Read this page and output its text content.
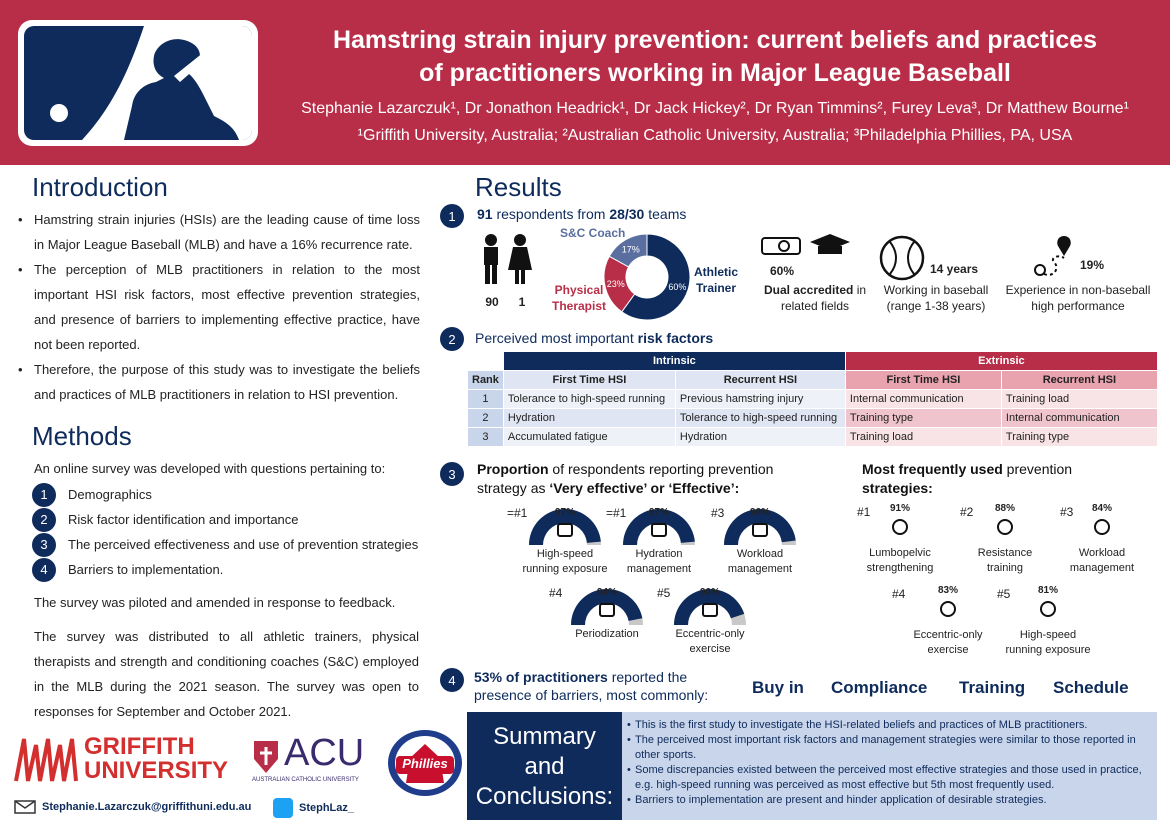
Hamstring strain injury prevention: current beliefs and practices
of practitioners working in Major League Baseball
Stephanie Lazarczuk¹, Dr Jonathon Headrick¹, Dr Jack Hickey², Dr Ryan Timmins², Furey Leva³, Dr Matthew Bourne¹
¹Griffith University, Australia; ²Australian Catholic University, Australia; ³Philadelphia Phillies, PA, USA
Introduction
• Hamstring strain injuries (HSIs) are the leading cause of time loss in Major League Baseball (MLB) and have a 16% recurrence rate.
• The perception of MLB practitioners in relation to the most important HSI risk factors, most effective prevention strategies, and presence of barriers to implementing effective practice, have not been reported.
• Therefore, the purpose of this study was to investigate the beliefs and practices of MLB practitioners in relation to HSI prevention.
Methods
An online survey was developed with questions pertaining to:
1	Demographics
2	Risk factor identification and importance
3	The perceived effectiveness and use of prevention strategies
4	Barriers to implementation.
The survey was piloted and amended in response to feedback.
The survey was distributed to all athletic trainers, physical therapists and strength and conditioning coaches (S&C) employed in the MLB during the 2021 season. The survey was open to responses for September and October 2021.
GRIFFITH
UNIVERSITY ACU
AUSTRALIAN CATHOLIC UNIVERSITY
Phillies
Stephanie.Lazarczuk@griffithuni.edu.au	StephLaz_
Results
1	91 respondents from 28/30 teams
90	1
S&C Coach
Physical
Therapist
Athletic
Trainer
60%
23%
17%
60%
Dual accredited in
related fields
14 years
Working in baseball
(range 1-38 years)
19%
Experience in non-baseball
high performance
2	Perceived most important risk factors
	Intrinsic		Extrinsic	
Rank	First Time HSI	Recurrent HSI	First Time HSI	Recurrent HSI
1	Tolerance to high-speed running	Previous hamstring injury	Internal communication	Training load
2	Hydration	Tolerance to high-speed running	Training type	Internal communication
3	Accumulated fatigue	Hydration	Training load	Training type
3	Proportion of respondents reporting prevention
strategy as ‘Very effective’ or ‘Effective’:
97%
=#1
High-speed
running exposure
97%
=#1
Hydration
management
96%
#3
Workload
management
94%
#4
Periodization
90%
#5
Eccentric-only
exercise
Most frequently used prevention
strategies:
#1	91%
Lumbopelvic
strengthening
#2	88%
Resistance
training
#3	84%
Workload
management
#4	83%
Eccentric-only
exercise
#5	81%
High-speed
running exposure
4	53% of practitioners reported the
presence of barriers, most commonly:	Buy in Compliance Training Schedule
Summary
and
Conclusions:
• This is the first study to investigate the HSI-related beliefs and practices of MLB practitioners.
• The perceived most important risk factors and management strategies were similar to those reported in other sports.
• Some discrepancies existed between the perceived most effective strategies and those used in practice, e.g. high-speed running was perceived as most effective but 5th most frequently used.
• Barriers to implementation are present and hinder application of desirable strategies.
